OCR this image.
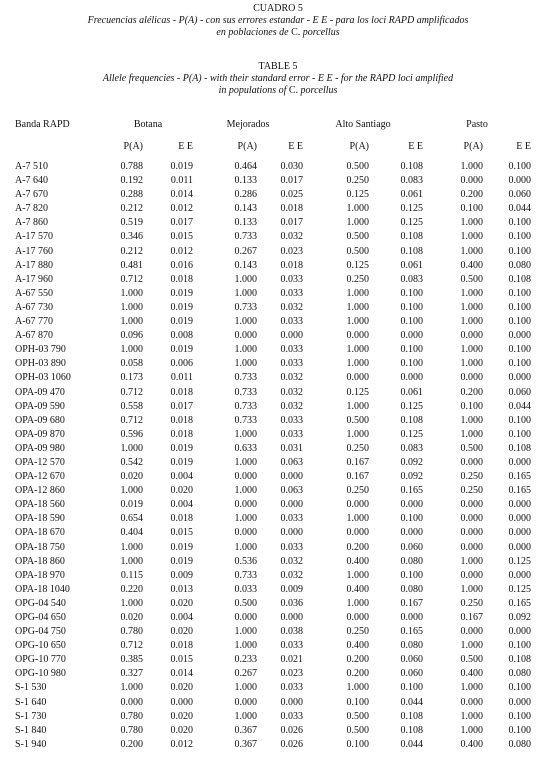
CUADRO 5
Frecuencias alélicas - P(A) - con sus errores estandar - E E - para los loci RAPD amplificados
en poblaciones de C. porcellus
TABLE 5
Allele frequencies - P(A) - with their standard error - E E - for the RAPD loci amplified
in populations of C. porcellus
Banda RAPD	Botana		Mejorados		Alto Santiago		Pasto	

	P(A)	E E	P(A)	E E	P(A)	E E	P(A)	E E

A-7 510	0.788	0.019	0.464	0.030	0.500	0.108	1.000	0.100
A-7 640	0.192	0.011	0.133	0.017	0.250	0.083	0.000	0.000
A-7 670	0.288	0.014	0.286	0.025	0.125	0.061	0.200	0.060
A-7 820	0.212	0.012	0.143	0.018	1.000	0.125	0.100	0.044
A-7 860	0.519	0.017	0.133	0.017	1.000	0.125	1.000	0.100
A-17 570	0.346	0.015	0.733	0.032	0.500	0.108	1.000	0.100
A-17 760	0.212	0.012	0.267	0.023	0.500	0.108	1.000	0.100
A-17 880	0.481	0.016	0.143	0.018	0.125	0.061	0.400	0.080
A-17 960	0.712	0.018	1.000	0.033	0.250	0.083	0.500	0.108
A-67 550	1.000	0.019	1.000	0.033	1.000	0.100	1.000	0.100
A-67 730	1.000	0.019	0.733	0.032	1.000	0.100	1.000	0.100
A-67 770	1.000	0.019	1.000	0.033	1.000	0.100	1.000	0.100
A-67 870	0.096	0.008	0.000	0.000	0.000	0.000	0.000	0.000
OPH-03 790	1.000	0.019	1.000	0.033	1.000	0.100	1.000	0.100
OPH-03 890	0.058	0.006	1.000	0.033	1.000	0.100	1.000	0.100
OPH-03 1060	0.173	0.011	0.733	0.032	0.000	0.000	0.000	0.000
OPA-09 470	0.712	0.018	0.733	0.032	0.125	0.061	0.200	0.060
OPA-09 590	0.558	0.017	0.733	0.032	1.000	0.125	0.100	0.044
OPA-09 680	0.712	0.018	0.733	0.033	0.500	0.108	1.000	0.100
OPA-09 870	0.596	0.018	1.000	0.033	1.000	0.125	1.000	0.100
OPA-09 980	1.000	0.019	0.633	0.031	0.250	0.083	0.500	0.108
OPA-12 570	0.542	0.019	1.000	0.063	0.167	0.092	0.000	0.000
OPA-12 670	0.020	0.004	0.000	0.000	0.167	0.092	0.250	0.165
OPA-12 860	1.000	0.020	1.000	0.063	0.250	0.165	0.250	0.165
OPA-18 560	0.019	0.004	0.000	0.000	0.000	0.000	0.000	0.000
OPA-18 590	0.654	0.018	1.000	0.033	1.000	0.100	0.000	0.000
OPA-18 670	0.404	0.015	0.000	0.000	0.000	0.000	0.000	0.000
OPA-18 750	1.000	0.019	1.000	0.033	0.200	0.060	0.000	0.000
OPA-18 860	1.000	0.019	0.536	0.032	0.400	0.080	1.000	0.125
OPA-18 970	0.115	0.009	0.733	0.032	1.000	0.100	0.000	0.000
OPA-18 1040	0.220	0.013	0.033	0.009	0.400	0.080	1.000	0.125
OPG-04 540	1.000	0.020	0.500	0.036	1.000	0.167	0.250	0.165
OPG-04 650	0.020	0.004	0.000	0.000	0.000	0.000	0.167	0.092
OPG-04 750	0.780	0.020	1.000	0.038	0.250	0.165	0.000	0.000
OPG-10 650	0.712	0.018	1.000	0.033	0.400	0.080	1.000	0.100
OPG-10 770	0.385	0.015	0.233	0.021	0.200	0.060	0.500	0.108
OPG-10 980	0.327	0.014	0.267	0.023	0.200	0.060	0.400	0.080
S-1 530	1.000	0.020	1.000	0.033	1.000	0.100	1.000	0.100
S-1 640	0.000	0.000	0.000	0.000	0.100	0.044	0.000	0.000
S-1 730	0.780	0.020	1.000	0.033	0.500	0.108	1.000	0.100
S-1 840	0.780	0.020	0.367	0.026	0.500	0.108	1.000	0.100
S-1 940	0.200	0.012	0.367	0.026	0.100	0.044	0.400	0.080
